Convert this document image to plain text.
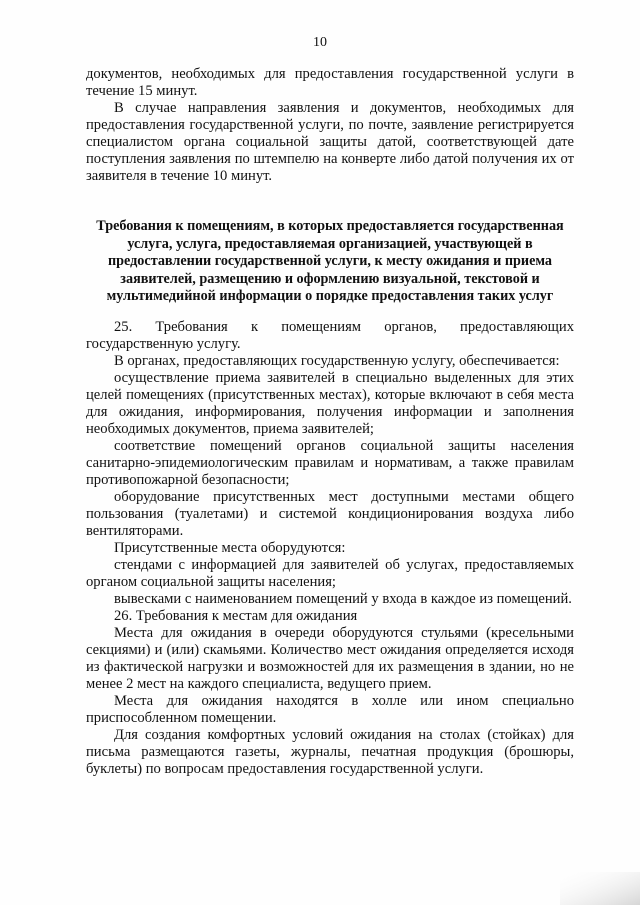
10

документов, необходимых для предоставления государственной услуги в течение 15 минут.

В случае направления заявления и документов, необходимых для предоставления государственной услуги, по почте, заявление регистрируется специалистом органа социальной защиты датой, соответствующей дате поступления заявления по штемпелю на конверте либо датой получения их от заявителя в течение 10 минут.

Требования к помещениям, в которых предоставляется государственная услуга, услуга, предоставляемая организацией, участвующей в предоставлении государственной услуги, к месту ожидания и приема заявителей, размещению и оформлению визуальной, текстовой и мультимедийной информации о порядке предоставления таких услуг

25. Требования к помещениям органов, предоставляющих государственную услугу.

В органах, предоставляющих государственную услугу, обеспечивается:

осуществление приема заявителей в специально выделенных для этих целей помещениях (присутственных местах), которые включают в себя места для ожидания, информирования, получения информации и заполнения необходимых документов, приема заявителей;

соответствие помещений органов социальной защиты населения санитарно-эпидемиологическим правилам и нормативам, а также правилам противопожарной безопасности;

оборудование присутственных мест доступными местами общего пользования (туалетами) и системой кондиционирования воздуха либо вентиляторами.

Присутственные места оборудуются:

стендами с информацией для заявителей об услугах, предоставляемых органом социальной защиты населения;

вывесками с наименованием помещений у входа в каждое из помещений.

26. Требования к местам для ожидания

Места для ожидания в очереди оборудуются стульями (кресельными секциями) и (или) скамьями. Количество мест ожидания определяется исходя из фактической нагрузки и возможностей для их размещения в здании, но не менее 2 мест на каждого специалиста, ведущего прием.

Места для ожидания находятся в холле или ином специально приспособленном помещении.

Для создания комфортных условий ожидания на столах (стойках) для письма размещаются газеты, журналы, печатная продукция (брошюры, буклеты) по вопросам предоставления государственной услуги.
